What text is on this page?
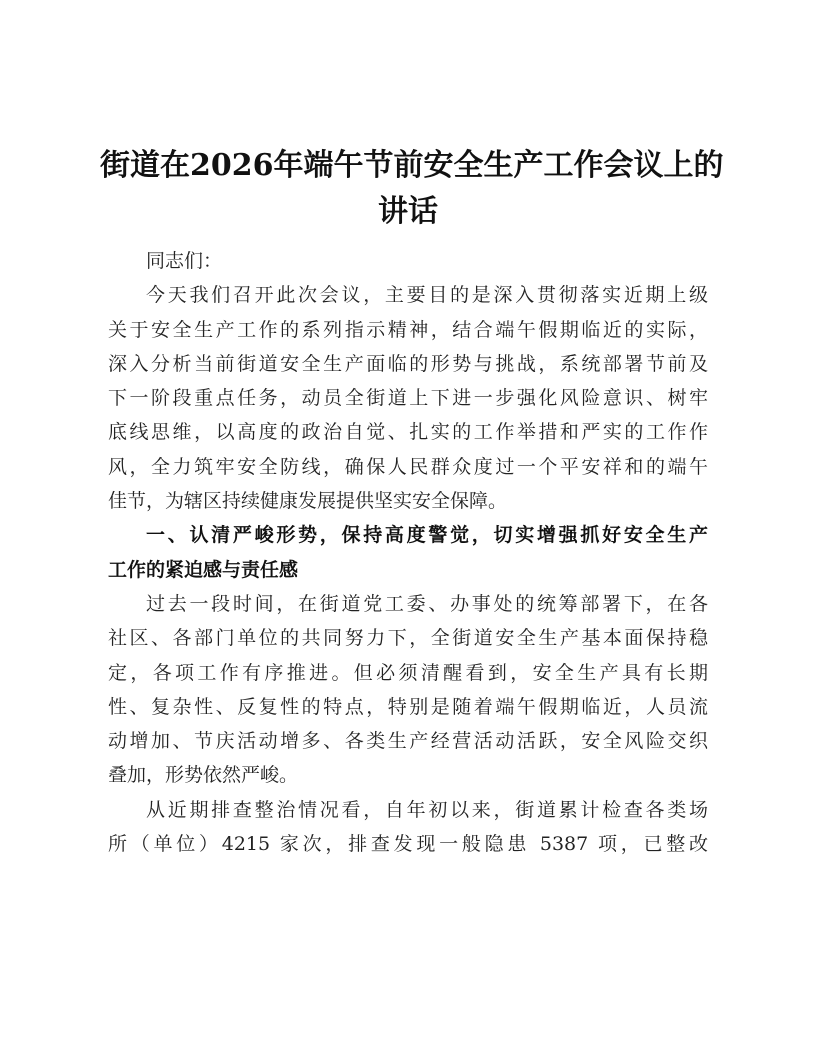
街道在2026年端午节前安全生产工作会议上的
讲话
同志们：
今天我们召开此次会议，主要目的是深入贯彻落实近期上级
关于安全生产工作的系列指示精神，结合端午假期临近的实际，
深入分析当前街道安全生产面临的形势与挑战，系统部署节前及
下一阶段重点任务，动员全街道上下进一步强化风险意识、树牢
底线思维，以高度的政治自觉、扎实的工作举措和严实的工作作
风，全力筑牢安全防线，确保人民群众度过一个平安祥和的端午
佳节，为辖区持续健康发展提供坚实安全保障。
一、认清严峻形势，保持高度警觉，切实增强抓好安全生产
工作的紧迫感与责任感
过去一段时间，在街道党工委、办事处的统筹部署下，在各
社区、各部门单位的共同努力下，全街道安全生产基本面保持稳
定，各项工作有序推进。但必须清醒看到，安全生产具有长期
性、复杂性、反复性的特点，特别是随着端午假期临近，人员流
动增加、节庆活动增多、各类生产经营活动活跃，安全风险交织
叠加，形势依然严峻。
从近期排查整治情况看，自年初以来，街道累计检查各类场
所（单位）4215 家次，排查发现一般隐患 5387 项，已整改
